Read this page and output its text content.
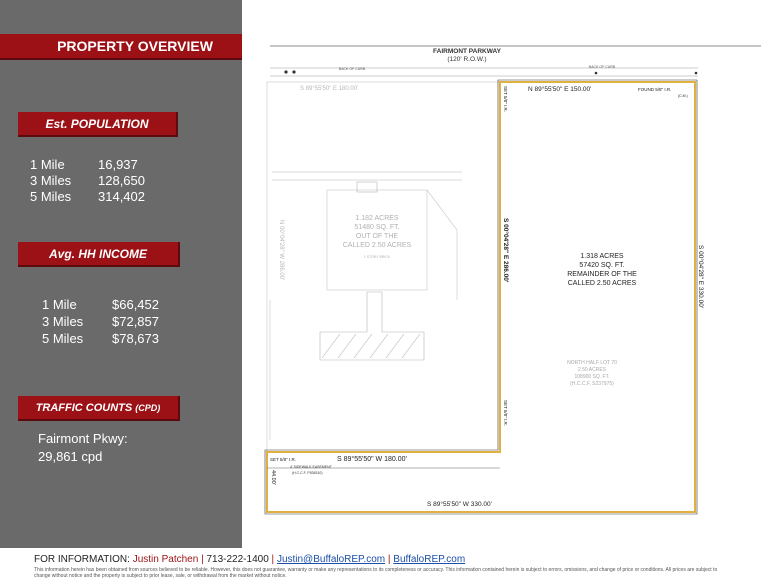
PROPERTY OVERVIEW
Est. POPULATION
1 Mile	16,937
3 Miles 128,650
5 Miles 314,402
Avg. HH INCOME
1 Mile	$66,452
3 Miles $72,857
5 Miles $78,673
TRAFFIC COUNTS
(CPD)
Fairmont Pkwy:
29,861 cpd
FAIRMONT PARKWAY
(120' R.O.W.)
BACK OF CURB	BACK OF CURB
1.182 ACRES
51480 SQ. FT.
OUT OF THE
CALLED 2.50 ACRES
1 STORY BRICK
S 89°55'50" E 180.00'
N 00°04'28" W 286.00'	1.318 ACRES
57420 SQ. FT.
REMAINDER OF THE
CALLED 2.50 ACRES
NORTH HALF LOT 70
2.50 ACRES
108900 SQ. FT.
(H.C.C.F. S237975)
N 89°55'50" E 150.00'	FOUND 5/8" I.R.
(C.M.)
SET 5/8" I.R.
SET 5/8" I.R.
S 00°04'28" E 286.00'	S 00°04'28" E 330.00'
S 89°55'50" W 180.00'
SET 5/8" I.R.
4' SIDEWALK EASEMENT
(H.C.C.F. P536310)
44.00'
S 89°55'50" W 330.00'
FOR INFORMATION: Justin Patchen | 713-222-1400 | Justin@BuffaloREP.com | BuffaloREP.com
This information herein has been obtained from sources believed to be reliable. However, this does not guarantee, warranty or make any representations to its completeness or accuracy. This information contained herein is subject to errors, omissions, and change of price or conditions. All prices are subject to change without notice and the property is subject to prior lease, sale, or withdrawal from the market without notice.
